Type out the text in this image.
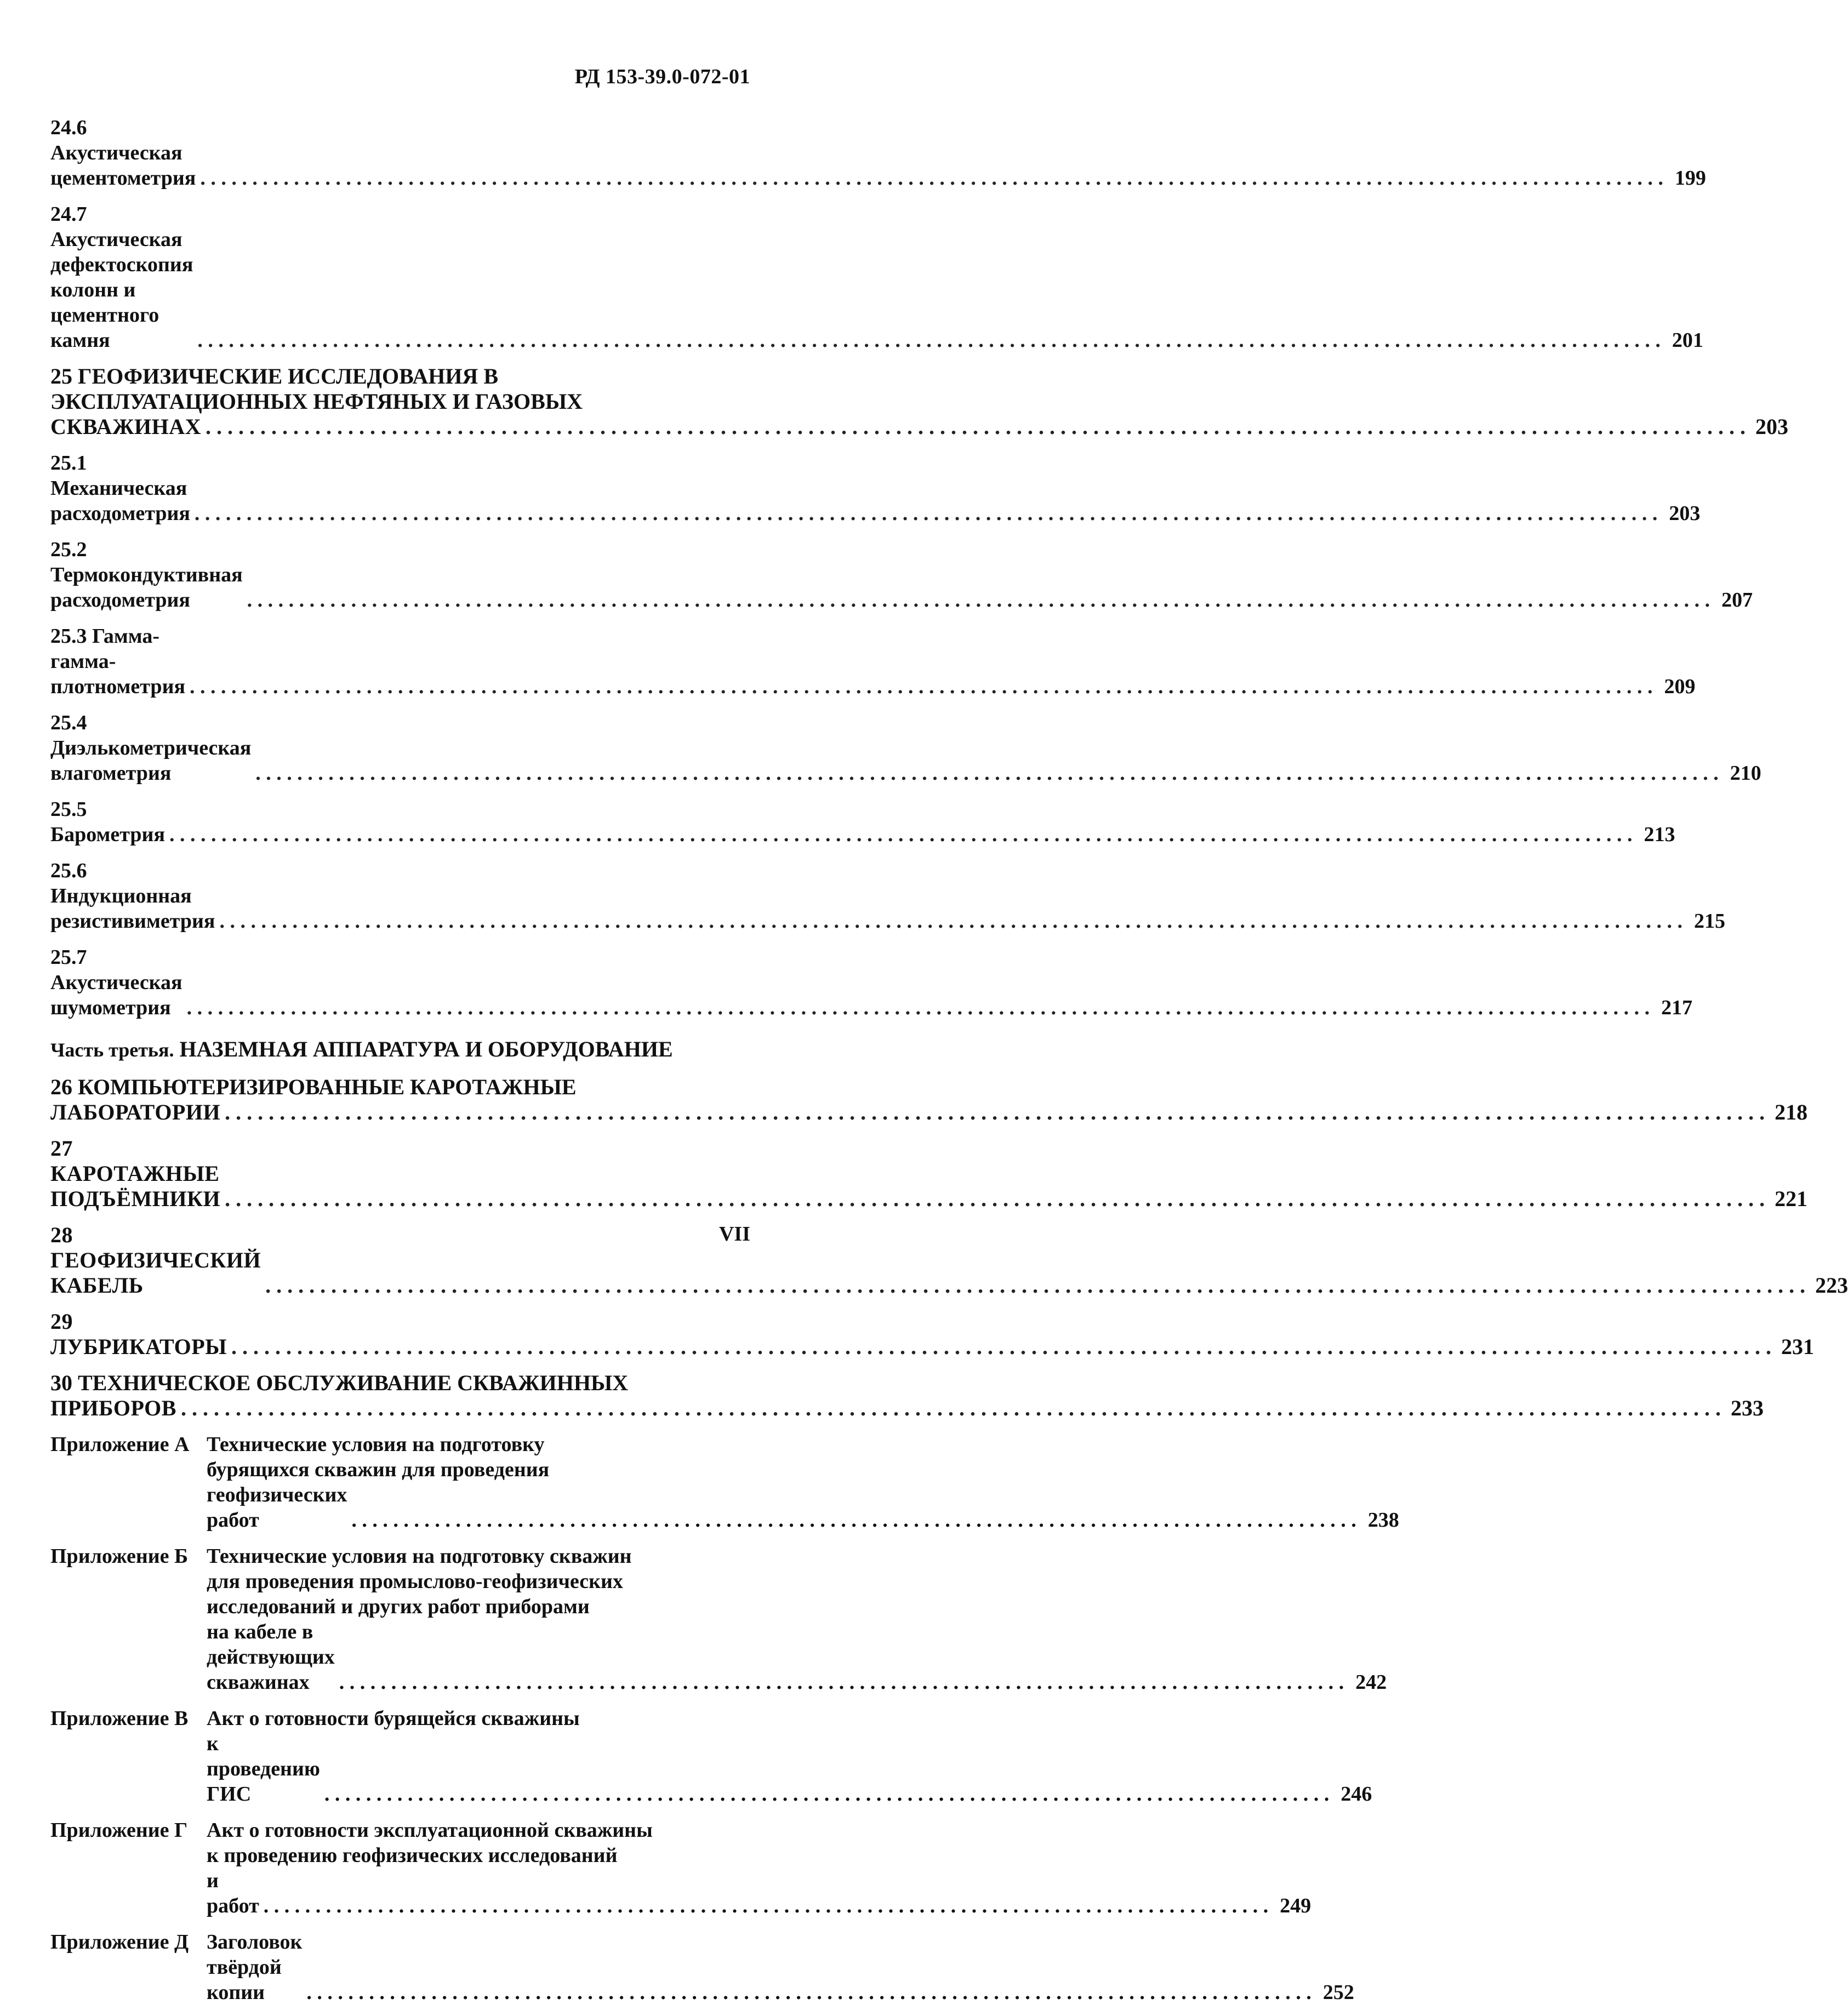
РД 153-39.0-072-01
24.6 Акустическая цементометрия . . .	199
24.7 Акустическая дефектоскопия колонн и цементного камня . . .	201
25 ГЕОФИЗИЧЕСКИЕ ИССЛЕДОВАНИЯ В
ЭКСПЛУАТАЦИОННЫХ НЕФТЯНЫХ И ГАЗОВЫХ
СКВАЖИНАХ . . .	203
25.1 Механическая расходометрия . . .	203
25.2 Термокондуктивная расходометрия . . .	207
25.3 Гамма-гамма-плотнометрия . . .	209
25.4 Диэлькометрическая влагометрия . . .	210
25.5 Барометрия . . .	213
25.6 Индукционная резистивиметрия . . .	215
25.7 Акустическая шумометрия . . .	217
Часть третья. НАЗЕМНАЯ АППАРАТУРА И ОБОРУДОВАНИЕ
26 КОМПЬЮТЕРИЗИРОВАННЫЕ КАРОТАЖНЫЕ
ЛАБОРАТОРИИ . . .	218
27 КАРОТАЖНЫЕ ПОДЪЁМНИКИ . . .	221
28 ГЕОФИЗИЧЕСКИЙ КАБЕЛЬ . . .	223
29 ЛУБРИКАТОРЫ . . .	231
30 ТЕХНИЧЕСКОЕ ОБСЛУЖИВАНИЕ СКВАЖИННЫХ
ПРИБОРОВ . . .	233
Приложение А Технические условия на подготовку
бурящихся скважин для проведения
геофизических работ . . .	238
Приложение Б Технические условия на подготовку скважин
для проведения промыслово-геофизических
исследований и других работ приборами
на кабеле в действующих скважинах . . .	242
Приложение В Акт о готовности бурящейся скважины
к проведению ГИС . . .	246
Приложение Г Акт о готовности эксплуатационной скважины
к проведению геофизических исследований
и работ . . .	249
Приложение Д Заголовок твёрдой копии . . .	252
VII
